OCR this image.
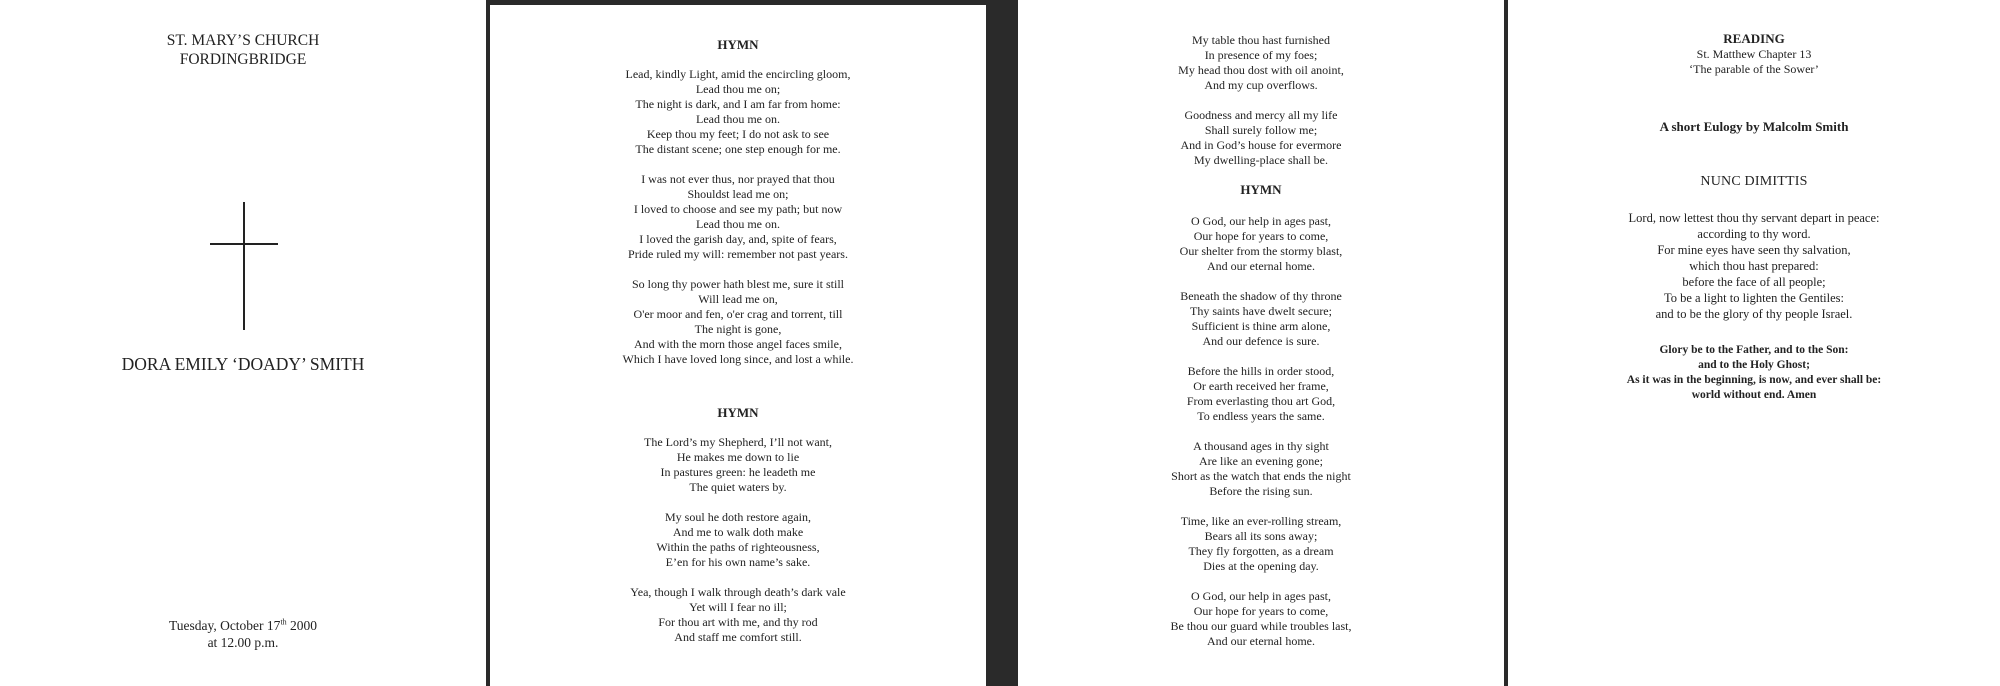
ST. MARY’S CHURCH
FORDINGBRIDGE
DORA EMILY ‘DOADY’ SMITH
Tuesday, October 17th 2000
at 12.00 p.m.
HYMN
Lead, kindly Light, amid the encircling gloom,
Lead thou me on;
The night is dark, and I am far from home:
Lead thou me on.
Keep thou my feet; I do not ask to see
The distant scene; one step enough for me.
I was not ever thus, nor prayed that thou
Shouldst lead me on;
I loved to choose and see my path; but now
Lead thou me on.
I loved the garish day, and, spite of fears,
Pride ruled my will: remember not past years.
So long thy power hath blest me, sure it still
Will lead me on,
O'er moor and fen, o'er crag and torrent, till
The night is gone,
And with the morn those angel faces smile,
Which I have loved long since, and lost a while.
HYMN
The Lord’s my Shepherd, I’ll not want,
He makes me down to lie
In pastures green: he leadeth me
The quiet waters by.
My soul he doth restore again,
And me to walk doth make
Within the paths of righteousness,
E’en for his own name’s sake.
Yea, though I walk through death’s dark vale
Yet will I fear no ill;
For thou art with me, and thy rod
And staff me comfort still.
My table thou hast furnished
In presence of my foes;
My head thou dost with oil anoint,
And my cup overflows.
Goodness and mercy all my life
Shall surely follow me;
And in God’s house for evermore
My dwelling-place shall be.
HYMN
O God, our help in ages past,
Our hope for years to come,
Our shelter from the stormy blast,
And our eternal home.
Beneath the shadow of thy throne
Thy saints have dwelt secure;
Sufficient is thine arm alone,
And our defence is sure.
Before the hills in order stood,
Or earth received her frame,
From everlasting thou art God,
To endless years the same.
A thousand ages in thy sight
Are like an evening gone;
Short as the watch that ends the night
Before the rising sun.
Time, like an ever-rolling stream,
Bears all its sons away;
They fly forgotten, as a dream
Dies at the opening day.
O God, our help in ages past,
Our hope for years to come,
Be thou our guard while troubles last,
And our eternal home.
READING
St. Matthew Chapter 13
‘The parable of the Sower’
A short Eulogy by Malcolm Smith
NUNC DIMITTIS
Lord, now lettest thou thy servant depart in peace:
according to thy word.
For mine eyes have seen thy salvation,
which thou hast prepared:
before the face of all people;
To be a light to lighten the Gentiles:
and to be the glory of thy people Israel.
Glory be to the Father, and to the Son:
and to the Holy Ghost;
As it was in the beginning, is now, and ever shall be:
world without end. Amen
